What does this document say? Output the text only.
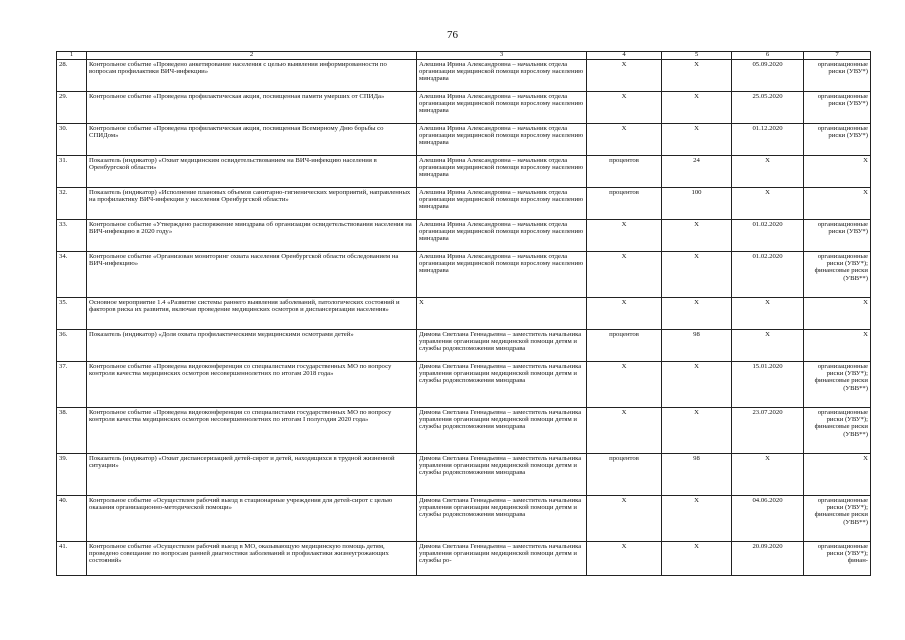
76
1	2	3	4	5	6	7
28.	Контрольное событие «Проведено анкетирование населения с целью выявления информированности по вопросам профилактики ВИЧ-инфекции»	Алешина Ирина Александровна – начальник отдела организации медицинской помощи взрослому населению минздрава	Х	Х	05.09.2020	организационные риски (УВУ*)
29.	Контрольное событие «Проведена профилактическая акция, посвященная памяти умерших от СПИДа»	Алешина Ирина Александровна – начальник отдела организации медицинской помощи взрослому населению минздрава	Х	Х	25.05.2020	организационные риски (УВУ*)
30.	Контрольное событие «Проведена профилактическая акция, посвященная Всемирному Дню борьбы со СПИДом»	Алешина Ирина Александровна – начальник отдела организации медицинской помощи взрослому населению минздрава	Х	Х	01.12.2020	организационные риски (УВУ*)
31.	Показатель (индикатор) «Охват медицинским освидетельствованием на ВИЧ-инфекцию населения в Оренбургской области»	Алешина Ирина Александровна – начальник отдела организации медицинской помощи взрослому населению минздрава	процентов	24	Х	Х
32.	Показатель (индикатор) «Исполнение плановых объемов санитарно-гигиенических мероприятий, направленных на профилактику ВИЧ-инфекции у населения Оренбургской области»	Алешина Ирина Александровна – начальник отдела организации медицинской помощи взрослому населению минздрава	процентов	100	Х	Х
33.	Контрольное событие «Утверждено распоряжение минздрава об организации освидетельствования населения на ВИЧ-инфекцию в 2020 году»	Алешина Ирина Александровна – начальник отдела организации медицинской помощи взрослому населению минздрава	Х	Х	01.02.2020	организационные риски (УВУ*)
34.	Контрольное событие «Организован мониторинг охвата населения Оренбургской области обследованием на ВИЧ-инфекцию»	Алешина Ирина Александровна – начальник отдела организации медицинской помощи взрослому населению минздрава	Х	Х	01.02.2020	организационные риски (УВУ*); финансовые риски (УВВ**)
35.	Основное мероприятие 1.4 «Развитие системы раннего выявления заболеваний, патологических состояний и факторов риска их развития, включая проведение медицинских осмотров и диспансеризации населения»	Х	Х	Х	Х	Х
36.	Показатель (индикатор) «Доля охвата профилактическими медицинскими осмотрами детей»	Димова Светлана Геннадьевна – заместитель начальника управления организации медицинской помощи детям и службы родовспоможения минздрава	процентов	98	Х	Х
37.	Контрольное событие «Проведена видеоконференция со специалистами государственных МО по вопросу контроля качества медицинских осмотров несовершеннолетних по итогам 2018 года»	Димова Светлана Геннадьевна – заместитель начальника управления организации медицинской помощи детям и службы родовспоможения минздрава	Х	Х	15.01.2020	организационные риски (УВУ*); финансовые риски (УВВ**)
38.	Контрольное событие «Проведена видеоконференция со специалистами государственных МО по вопросу контроля качества медицинских осмотров несовершеннолетних по итогам I полугодия 2020 года»	Димова Светлана Геннадьевна – заместитель начальника управления организации медицинской помощи детям и службы родовспоможения минздрава	Х	Х	23.07.2020	организационные риски (УВУ*); финансовые риски (УВВ**)
39.	Показатель (индикатор) «Охват диспансеризацией детей-сирот и детей, находящихся в трудной жизненной ситуации»	Димова Светлана Геннадьевна – заместитель начальника управления организации медицинской помощи детям и службы родовспоможения минздрава	процентов	98	Х	Х
40.	Контрольное событие «Осуществлен рабочий выезд в стационарные учреждения для детей-сирот с целью оказания организационно-методической помощи»	Димова Светлана Геннадьевна – заместитель начальника управления организации медицинской помощи детям и службы родовспоможения минздрава	Х	Х	04.06.2020	организационные риски (УВУ*); финансовые риски (УВВ**)
41.	Контрольное событие «Осуществлен рабочий выезд в МО, оказывающую медицинскую помощь детям, проведено совещание по вопросам ранней диагностики заболеваний и профилактики жизнеугрожающих состояний»	Димова Светлана Геннадьевна – заместитель начальника управления организации медицинской помощи детям и службы ро-	Х	Х	20.09.2020	организационные риски (УВУ*); финан-
